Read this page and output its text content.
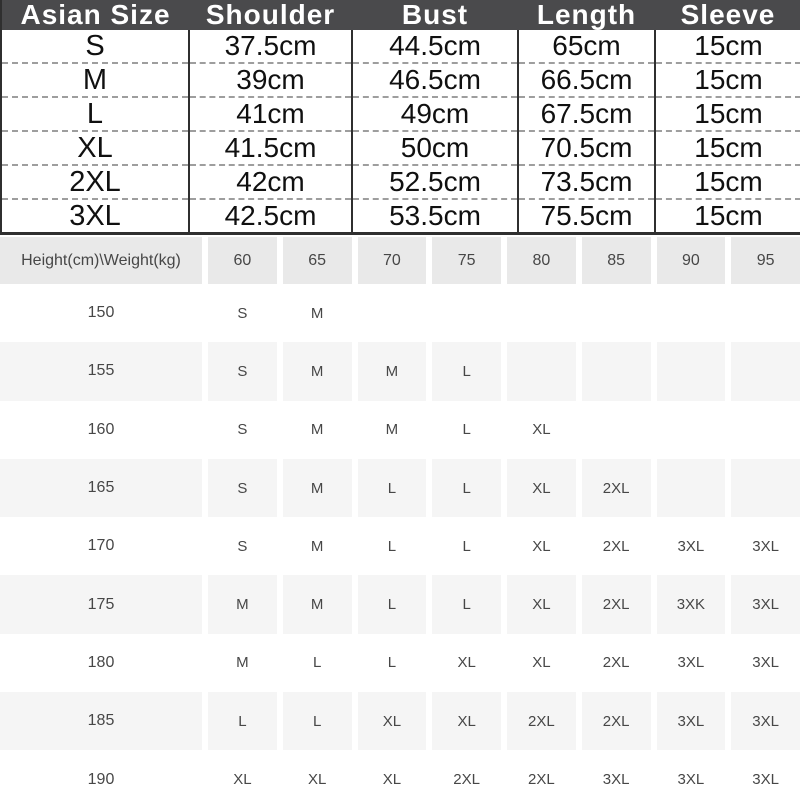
Asian Size	Shoulder	Bust	Length	Sleeve
S	37.5cm	44.5cm	65cm	15cm
M	39cm	46.5cm	66.5cm	15cm
L	41cm	49cm	67.5cm	15cm
XL	41.5cm	50cm	70.5cm	15cm
2XL	42cm	52.5cm	73.5cm	15cm
3XL	42.5cm	53.5cm	75.5cm	15cm
Height(cm)\Weight(kg)	60	65	70	75	80	85	90	95
150	S	M
155	S	M	M	L
160	S	M	M	L	XL
165	S	M	L	L	XL	2XL
170	S	M	L	L	XL	2XL	3XL	3XL
175	M	M	L	L	XL	2XL	3XK	3XL
180	M	L	L	XL	XL	2XL	3XL	3XL
185	L	L	XL	XL	2XL	2XL	3XL	3XL
190	XL	XL	XL	2XL	2XL	3XL	3XL	3XL
